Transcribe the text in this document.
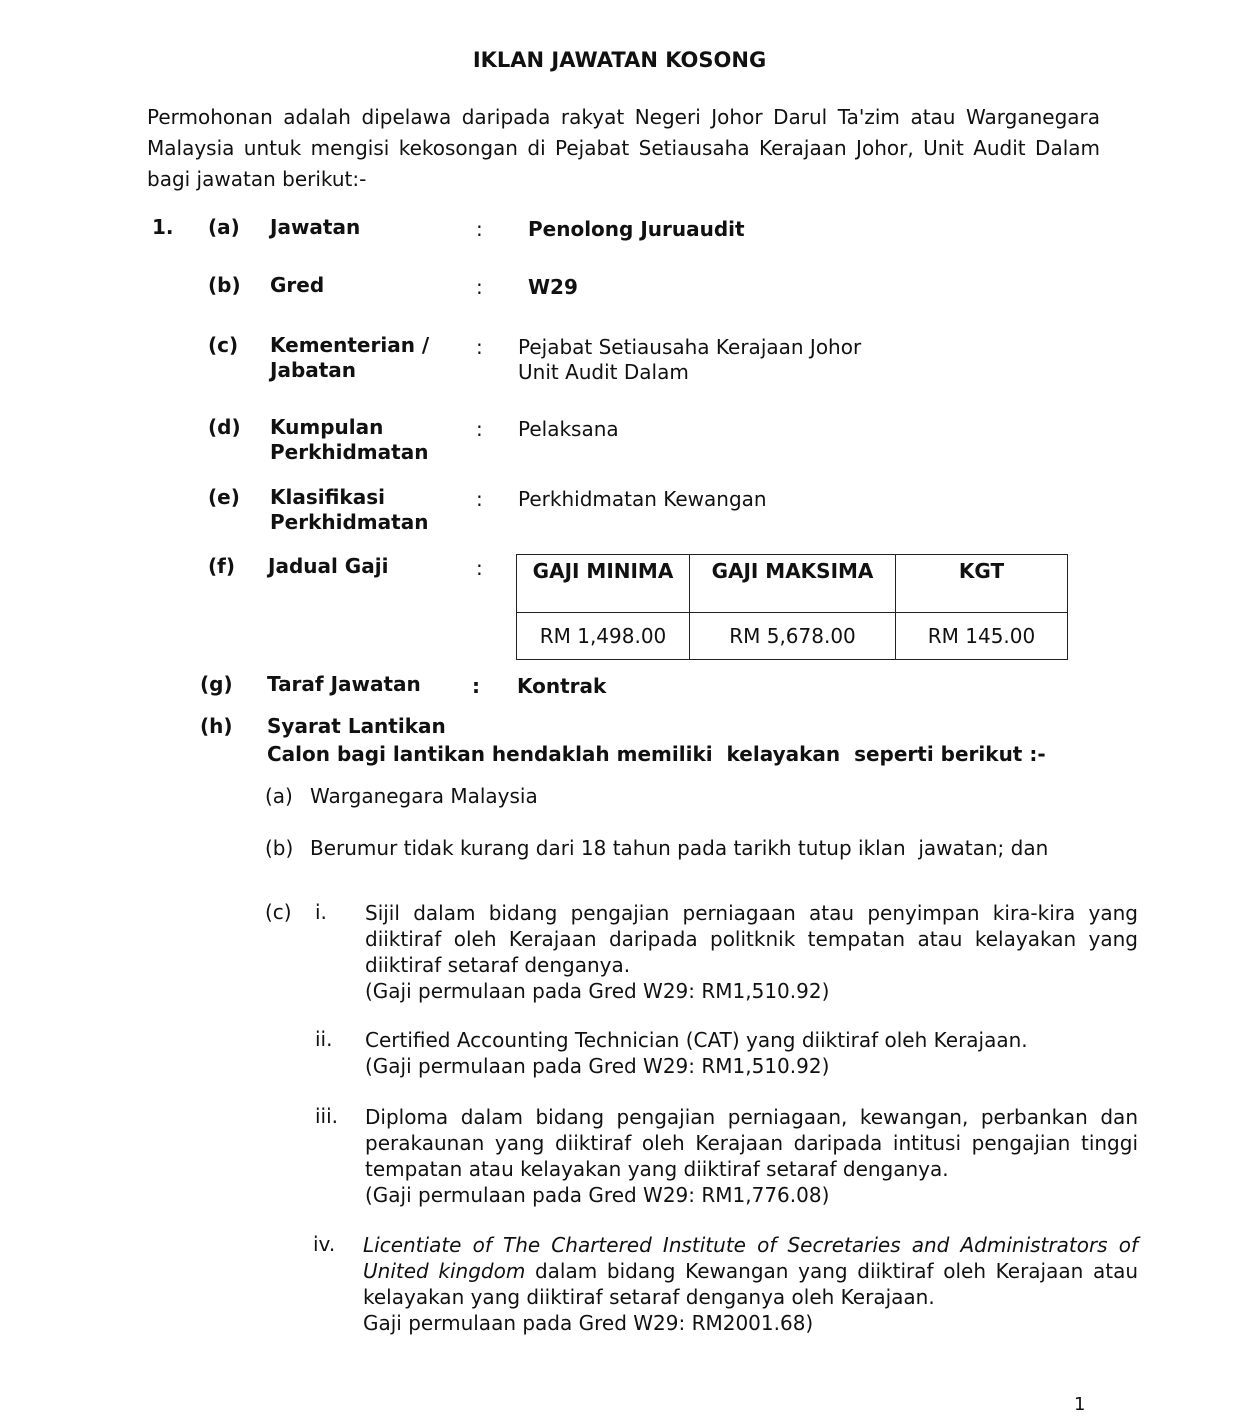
IKLAN JAWATAN KOSONG
Permohonan adalah dipelawa daripada rakyat Negeri Johor Darul Ta'zim atau Warganegara Malaysia untuk mengisi kekosongan di Pejabat Setiausaha Kerajaan Johor, Unit Audit Dalam bagi jawatan berikut:-
1. (a) Jawatan	: Penolong Juruaudit
(b) Gred	: W29
(c) Kementerian /
Jabatan
: Pejabat Setiausaha Kerajaan Johor
Unit Audit Dalam
(d) Kumpulan
Perkhidmatan
: Pelaksana
(e) Klasifikasi
Perkhidmatan
: Perkhidmatan Kewangan
(f) Jadual Gaji	: GAJI MINIMA	GAJI MAKSIMA	KGT
RM 1,498.00	RM 5,678.00	RM 145.00
(g) Taraf Jawatan	: Kontrak
(h) Syarat Lantikan
Calon bagi lantikan hendaklah memiliki  kelayakan  seperti berikut :-
(a) Warganegara Malaysia
(b) Berumur tidak kurang dari 18 tahun pada tarikh tutup iklan  jawatan; dan
(c) i. Sijil dalam bidang pengajian perniagaan atau penyimpan kira-kira yang diiktiraf oleh Kerajaan daripada politknik tempatan atau kelayakan yang diiktiraf setaraf denganya.
(Gaji permulaan pada Gred W29: RM1,510.92)
ii. Certified Accounting Technician (CAT) yang diiktiraf oleh Kerajaan.
(Gaji permulaan pada Gred W29: RM1,510.92)
iii. Diploma dalam bidang pengajian perniagaan, kewangan, perbankan dan perakaunan yang diiktiraf oleh Kerajaan daripada intitusi pengajian tinggi tempatan atau kelayakan yang diiktiraf setaraf denganya.
(Gaji permulaan pada Gred W29: RM1,776.08)
iv. Licentiate of The Chartered Institute of Secretaries and Administrators of United kingdom dalam bidang Kewangan yang diiktiraf oleh Kerajaan atau kelayakan yang diiktiraf setaraf denganya oleh Kerajaan.
Gaji permulaan pada Gred W29: RM2001.68)
1
